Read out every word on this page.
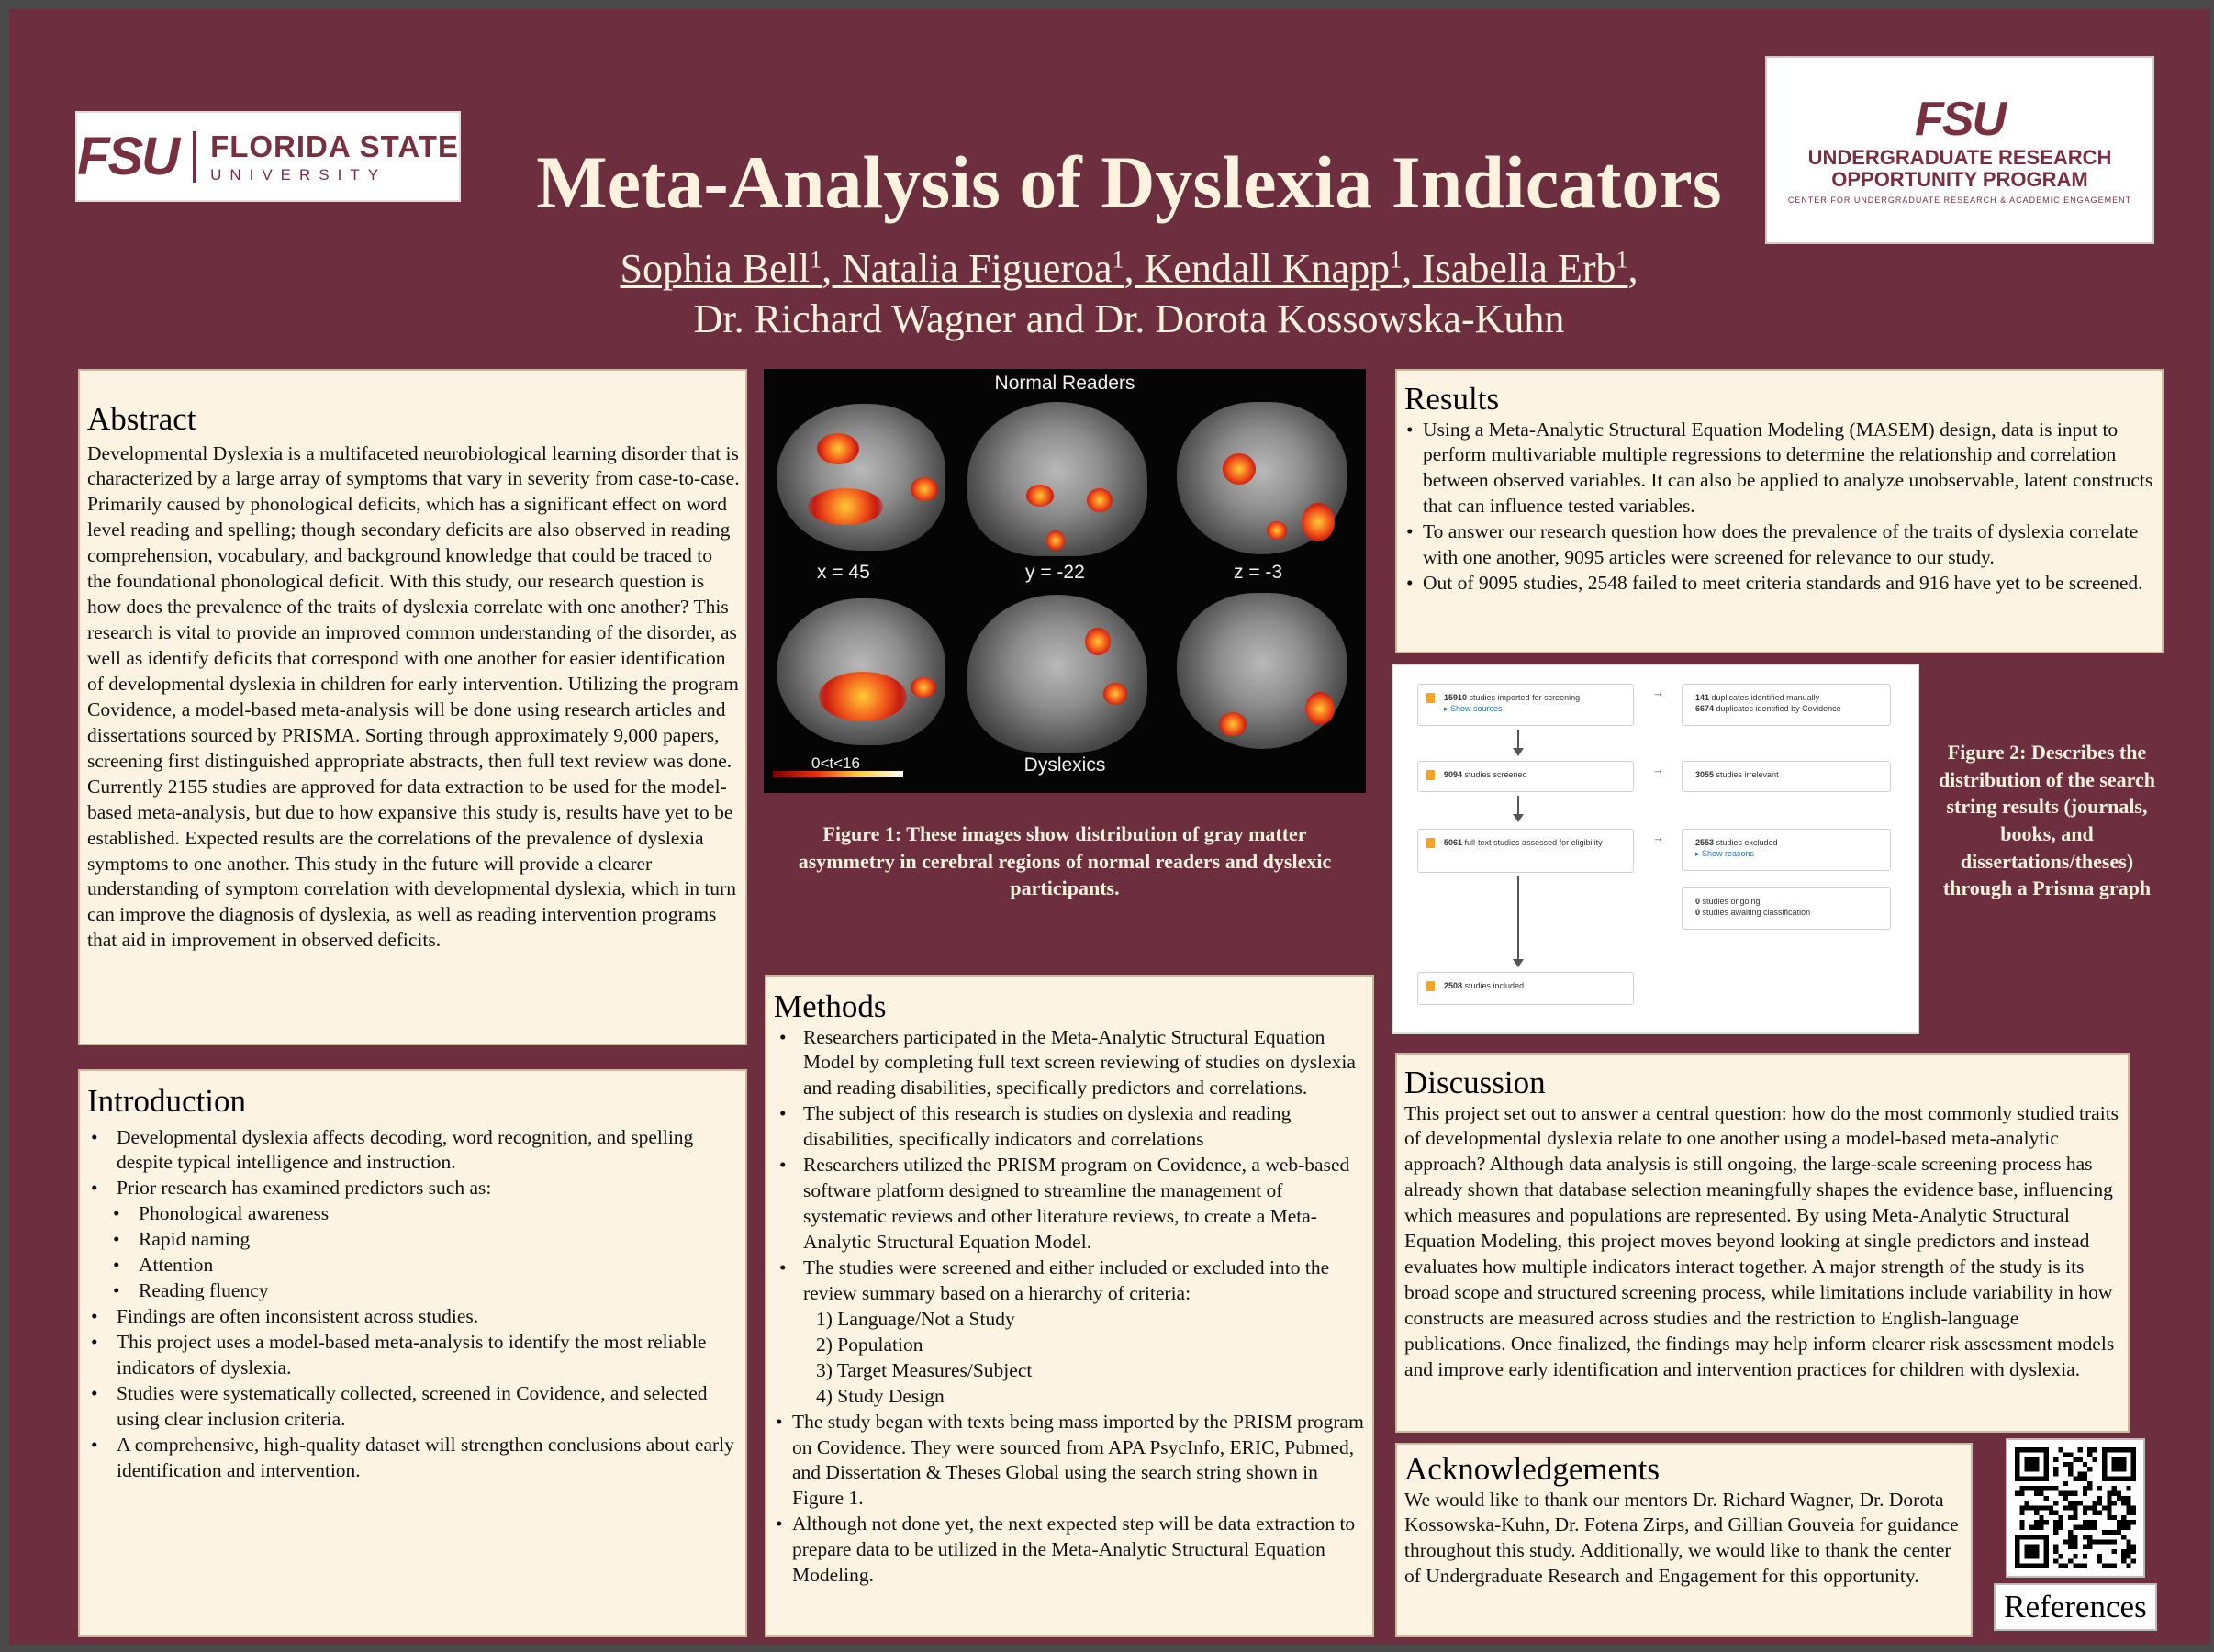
FSU FLORIDA STATE
UNIVERSITY
FSU
UNDERGRADUATE RESEARCH
OPPORTUNITY PROGRAM
CENTER FOR UNDERGRADUATE RESEARCH & ACADEMIC ENGAGEMENT
Meta-Analysis of Dyslexia Indicators
Sophia Bell$^1$, Natalia Figueroa$^1$, Kendall Knapp$^1$, Isabella Erb$^1$,
Dr. Richard Wagner and Dr. Dorota Kossowska-Kuhn
Abstract

Developmental Dyslexia is a multifaceted neurobiological learning disorder that is characterized by a large array of symptoms that vary in severity from case-to-case. Primarily caused by phonological deficits, which has a significant effect on word level reading and spelling; though secondary deficits are also observed in reading comprehension, vocabulary, and background knowledge that could be traced to the foundational phonological deficit. With this study, our research question is how does the prevalence of the traits of dyslexia correlate with one another? This research is vital to provide an improved common understanding of the disorder, as well as identify deficits that correspond with one another for easier identification of developmental dyslexia in children for early intervention. Utilizing the program Covidence, a model-based meta-analysis will be done using research articles and dissertations sourced by PRISMA. Sorting through approximately 9,000 papers, screening first distinguished appropriate abstracts, then full text review was done. Currently 2155 studies are approved for data extraction to be used for the model-based meta-analysis, but due to how expansive this study is, results have yet to be established. Expected results are the correlations of the prevalence of dyslexia symptoms to one another. This study in the future will provide a clearer understanding of symptom correlation with developmental dyslexia, which in turn can improve the diagnosis of dyslexia, as well as reading intervention programs that aid in improvement in observed deficits.

Introduction
• Developmental dyslexia affects decoding, word recognition, and spelling despite typical intelligence and instruction.
• Prior research has examined predictors such as:
• Phonological awareness
• Rapid naming
• Attention
• Reading fluency
• Findings are often inconsistent across studies.
• This project uses a model-based meta-analysis to identify the most reliable indicators of dyslexia.
• Studies were systematically collected, screened in Covidence, and selected using clear inclusion criteria.
• A comprehensive, high-quality dataset will strengthen conclusions about early identification and intervention.
Normal Readers
Dyslexics
x = 45	y = -22	z = -3
0<t<16
Figure 1: These images show distribution of gray matter asymmetry in cerebral regions of normal readers and dyslexic participants.
Results
• Using a Meta-Analytic Structural Equation Modeling (MASEM) design, data is input to perform multivariable multiple regressions to determine the relationship and correlation between observed variables. It can also be applied to analyze unobservable, latent constructs that can influence tested variables.
• To answer our research question how does the prevalence of the traits of dyslexia correlate with one another, 9095 articles were screened for relevance to our study.
• Out of 9095 studies, 2548 failed to meet criteria standards and 916 have yet to be screened.
15910 studies imported for screening
▸ Show sources
→	141 duplicates identified manually
6674 duplicates identified by Covidence
9094 studies screened	→	3055 studies irrelevant
5061 full-text studies assessed for eligibility	→	2553 studies excluded
▸ Show reasons
0 studies ongoing
0 studies awaiting classification
2508 studies included
Figure 2: Describes the distribution of the search string results (journals, books, and dissertations/theses) through a Prisma graph
Methods
• Researchers participated in the Meta-Analytic Structural Equation Model by completing full text screen reviewing of studies on dyslexia and reading disabilities, specifically predictors and correlations.
• The subject of this research is studies on dyslexia and reading disabilities, specifically indicators and correlations
• Researchers utilized the PRISM program on Covidence, a web-based software platform designed to streamline the management of systematic reviews and other literature reviews, to create a Meta-Analytic Structural Equation Model.
• The studies were screened and either included or excluded into the review summary based on a hierarchy of criteria:
1) Language/Not a Study
2) Population
3) Target Measures/Subject
4) Study Design
• The study began with texts being mass imported by the PRISM program on Covidence. They were sourced from APA PsycInfo, ERIC, Pubmed, and Dissertation & Theses Global using the search string shown in Figure 1.
• Although not done yet, the next expected step will be data extraction to prepare data to be utilized in the Meta-Analytic Structural Equation Modeling.
Discussion

This project set out to answer a central question: how do the most commonly studied traits of developmental dyslexia relate to one another using a model-based meta-analytic approach? Although data analysis is still ongoing, the large-scale screening process has already shown that database selection meaningfully shapes the evidence base, influencing which measures and populations are represented. By using Meta-Analytic Structural Equation Modeling, this project moves beyond looking at single predictors and instead evaluates how multiple indicators interact together. A major strength of the study is its broad scope and structured screening process, while limitations include variability in how constructs are measured across studies and the restriction to English-language publications. Once finalized, the findings may help inform clearer risk assessment models and improve early identification and intervention practices for children with dyslexia.

Acknowledgements

We would like to thank our mentors Dr. Richard Wagner, Dr. Dorota Kossowska-Kuhn, Dr. Fotena Zirps, and Gillian Gouveia for guidance throughout this study. Additionally, we would like to thank the center of Undergraduate Research and Engagement for this opportunity.

References
